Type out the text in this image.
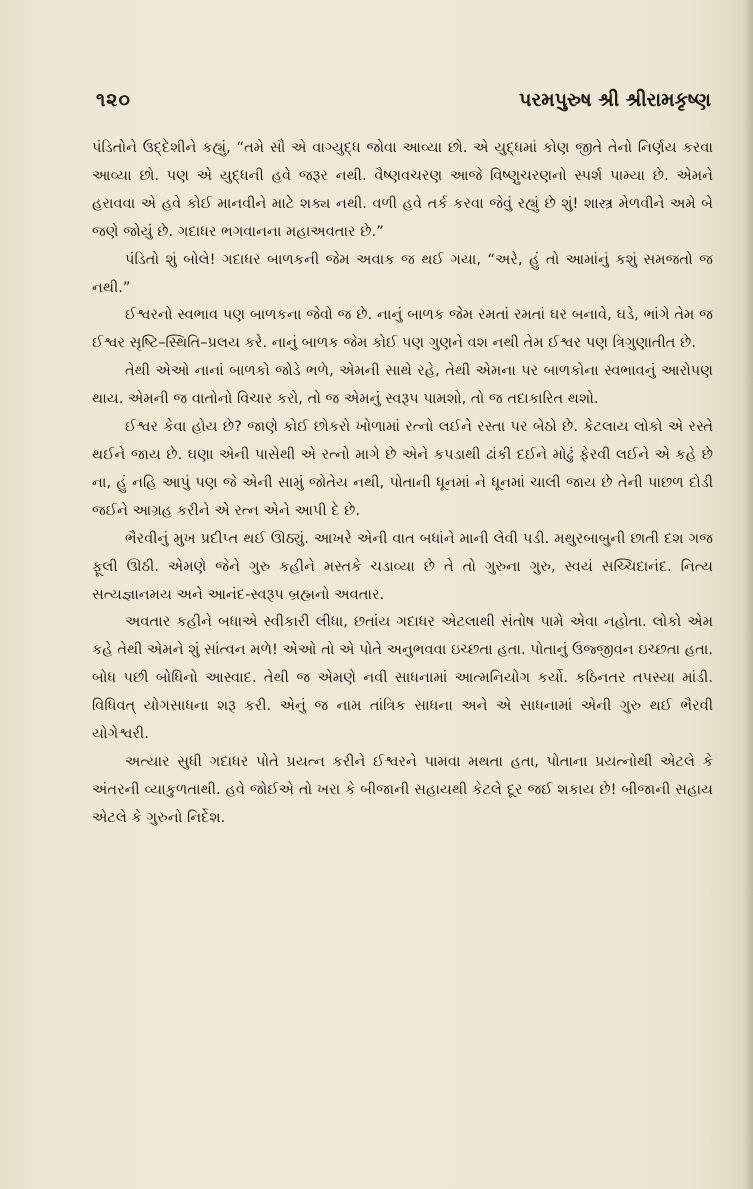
૧૨૦	પરમપુરુષ શ્રી શ્રીરામકૃષ્ણ

પંડિતોને ઉદ્દેશીને કહ્યું, “તમે સૌ એ વાગ્યુદ્ધ જોવા આવ્યા છો. એ યુદ્ધમાં કોણ જીતે તેનો નિર્ણય કરવા આવ્યા છો. પણ એ યુદ્ધની હવે જરૂર નથી. વૈષ્ણવચરણ આજે વિષ્ણુચરણનો સ્પર્શ પામ્યા છે. એમને હરાવવા એ હવે કોઈ માનવીને માટે શક્ય નથી. વળી હવે તર્ક કરવા જેવું રહ્યું છે શું! શાસ્ત્ર મેળવીને અમે બે જણે જોયું છે. ગદાધર ભગવાનના મહાઅવતાર છે.”

પંડિતો શું બોલે! ગદાધર બાળકની જેમ અવાક જ થઈ ગયા, “અરે, હું તો આમાંનું કશું સમજતો જ નથી.”

ઈશ્વરનો સ્વભાવ પણ બાળકના જેવો જ છે. નાનું બાળક જેમ રમતાં રમતાં ઘર બનાવે, ઘડે, ભાંગે તેમ જ ઈશ્વર સૃષ્ટિ–સ્થિતિ–પ્રલય કરે. નાનું બાળક જેમ કોઈ પણ ગુણને વશ નથી તેમ ઈશ્વર પણ ત્રિગુણાતીત છે.

તેથી એઓ નાનાં બાળકો જોડે ભળે, એમની સાથે રહે, તેથી એમના પર બાળકોના સ્વભાવનું આરોપણ થાય. એમની જ વાતોનો વિચાર કરો, તો જ એમનું સ્વરૂપ પામશો, તો જ તદાકારિત થશો.

ઈશ્વર કેવા હોય છે? જાણે કોઈ છોકરો ખોળામાં રત્નો લઈને રસ્તા પર બેઠો છે. કેટલાય લોકો એ રસ્તે થઈને જાય છે. ઘણા એની પાસેથી એ રત્નો માગે છે એને કપડાથી ઢાંકી દઈને મોઢું ફેરવી લઈને એ કહે છે ના, હું નહિ આપું પણ જે એની સામું જોતેય નથી, પોતાની ધૂનમાં ને ધૂનમાં ચાલી જાય છે તેની પાછળ દોડી જઈને આગ્રહ કરીને એ રત્ન એને આપી દે છે.

ભૈરવીનું મુખ પ્રદીપ્ત થઈ ઊઠ્યું. આખરે એની વાત બધાંને માની લેવી પડી. મથુરબાબુની છાતી દશ ગજ ફૂલી ઊઠી. એમણે જેને ગુરુ કહીને મસ્તકે ચડાવ્યા છે તે તો ગુરુના ગુરુ, સ્વયં સચ્ચિદાનંદ. નિત્ય સત્યજ્ઞાનમય અને આનંદ-સ્વરૂપ બ્રહ્મનો અવતાર.

અવતાર કહીને બધાએ સ્વીકારી લીધા, છતાંય ગદાધર એટલાથી સંતોષ પામે એવા નહોતા. લોકો એમ કહે તેથી એમને શું સાંત્વન મળે! એઓ તો એ પોતે અનુભવવા ઇચ્છતા હતા. પોતાનું ઉજ્જીવન ઇચ્છતા હતા. બોધ પછી બોધિનો આસ્વાદ. તેથી જ એમણે નવી સાધનામાં આત્મનિયોગ કર્યો. કઠિનતર તપસ્યા માંડી. વિધિવત્ યોગસાધના શરૂ કરી. એનું જ નામ તાંત્રિક સાધના અને એ સાધનામાં એની ગુરુ થઈ ભૈરવી યોગેશ્વરી.

અત્યાર સુધી ગદાધર પોતે પ્રયત્ન કરીને ઈશ્વરને પામવા મથતા હતા, પોતાના પ્રયત્નોથી એટલે કે અંતરની વ્યાકુળતાથી. હવે જોઈએ તો ખરા કે બીજાની સહાયથી કેટલે દૂર જઈ શકાય છે! બીજાની સહાય એટલે કે ગુરુનો નિર્દેશ.
